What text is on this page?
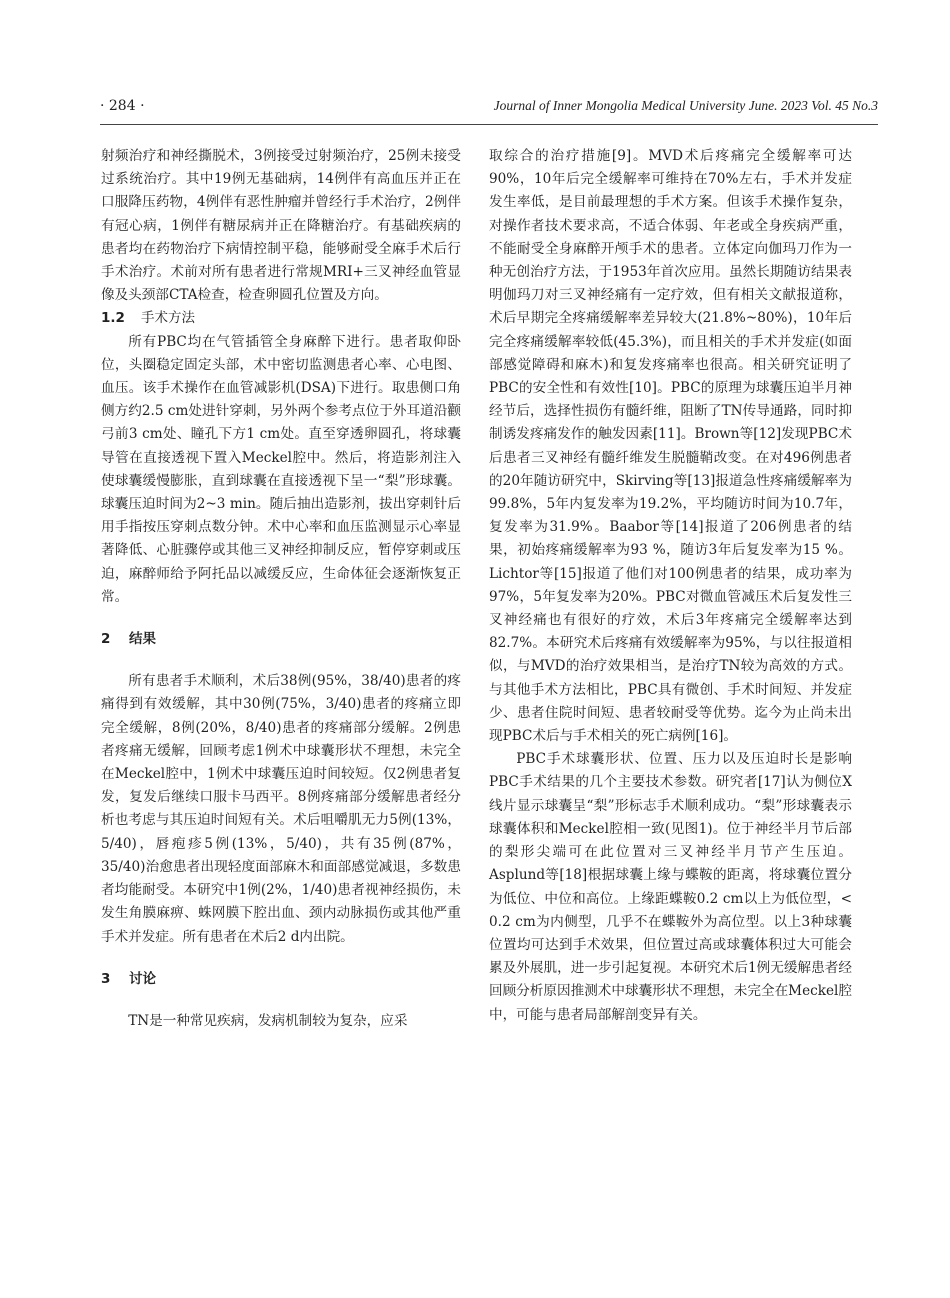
· 284 ·	Journal of Inner Mongolia Medical University June. 2023 Vol. 45 No.3

射频治疗和神经撕脱术，3例接受过射频治疗，25例未接受过系统治疗。其中19例无基础病，14例伴有高血压并正在口服降压药物，4例伴有恶性肿瘤并曾经行手术治疗，2例伴有冠心病，1例伴有糖尿病并正在降糖治疗。有基础疾病的患者均在药物治疗下病情控制平稳，能够耐受全麻手术后行手术治疗。术前对所有患者进行常规MRI+三叉神经血管显像及头颈部CTA检查，检查卵圆孔位置及方向。

1.2 手术方法

所有PBC均在气管插管全身麻醉下进行。患者取仰卧位，头圈稳定固定头部，术中密切监测患者心率、心电图、血压。该手术操作在血管减影机(DSA)下进行。取患侧口角侧方约2.5 cm处进针穿刺，另外两个参考点位于外耳道沿颧弓前3 cm处、瞳孔下方1 cm处。直至穿透卵圆孔，将球囊导管在直接透视下置入Meckel腔中。然后，将造影剂注入使球囊缓慢膨胀，直到球囊在直接透视下呈一“梨”形球囊。球囊压迫时间为2~3 min。随后抽出造影剂，拔出穿刺针后用手指按压穿刺点数分钟。术中心率和血压监测显示心率显著降低、心脏骤停或其他三叉神经抑制反应，暂停穿刺或压迫，麻醉师给予阿托品以减缓反应，生命体征会逐渐恢复正常。

2 结果

所有患者手术顺利，术后38例(95%，38/40)患者的疼痛得到有效缓解，其中30例(75%，3/40)患者的疼痛立即完全缓解，8例(20%，8/40)患者的疼痛部分缓解。2例患者疼痛无缓解，回顾考虑1例术中球囊形状不理想，未完全在Meckel腔中，1例术中球囊压迫时间较短。仅2例患者复发，复发后继续口服卡马西平。8例疼痛部分缓解患者经分析也考虑与其压迫时间短有关。术后咀嚼肌无力5例(13%，5/40)，唇疱疹5例(13%，5/40)，共有35例(87%，35/40)治愈患者出现轻度面部麻木和面部感觉减退，多数患者均能耐受。本研究中1例(2%，1/40)患者视神经损伤，未发生角膜麻痹、蛛网膜下腔出血、颈内动脉损伤或其他严重手术并发症。所有患者在术后2 d内出院。

3 讨论

TN是一种常见疾病，发病机制较为复杂，应采

取综合的治疗措施[9]。MVD术后疼痛完全缓解率可达90%，10年后完全缓解率可维持在70%左右，手术并发症发生率低，是目前最理想的手术方案。但该手术操作复杂，对操作者技术要求高，不适合体弱、年老或全身疾病严重，不能耐受全身麻醉开颅手术的患者。立体定向伽玛刀作为一种无创治疗方法，于1953年首次应用。虽然长期随访结果表明伽玛刀对三叉神经痛有一定疗效，但有相关文献报道称，术后早期完全疼痛缓解率差异较大(21.8%~80%)，10年后完全疼痛缓解率较低(45.3%)，而且相关的手术并发症(如面部感觉障碍和麻木)和复发疼痛率也很高。相关研究证明了PBC的安全性和有效性[10]。PBC的原理为球囊压迫半月神经节后，选择性损伤有髓纤维，阻断了TN传导通路，同时抑制诱发疼痛发作的触发因素[11]。Brown等[12]发现PBC术后患者三叉神经有髓纤维发生脱髓鞘改变。在对496例患者的20年随访研究中，Skirving等[13]报道急性疼痛缓解率为99.8%，5年内复发率为19.2%，平均随访时间为10.7年，复发率为31.9%。Baabor等[14]报道了206例患者的结果，初始疼痛缓解率为93 %，随访3年后复发率为15 %。Lichtor等[15]报道了他们对100例患者的结果，成功率为97%，5年复发率为20%。PBC对微血管减压术后复发性三叉神经痛也有很好的疗效，术后3年疼痛完全缓解率达到82.7%。本研究术后疼痛有效缓解率为95%，与以往报道相似，与MVD的治疗效果相当，是治疗TN较为高效的方式。与其他手术方法相比，PBC具有微创、手术时间短、并发症少、患者住院时间短、患者较耐受等优势。迄今为止尚未出现PBC术后与手术相关的死亡病例[16]。

PBC手术球囊形状、位置、压力以及压迫时长是影响PBC手术结果的几个主要技术参数。研究者[17]认为侧位X线片显示球囊呈“梨”形标志手术顺利成功。“梨”形球囊表示球囊体积和Meckel腔相一致(见图1)。位于神经半月节后部的梨形尖端可在此位置对三叉神经半月节产生压迫。Asplund等[18]根据球囊上缘与蝶鞍的距离，将球囊位置分为低位、中位和高位。上缘距蝶鞍0.2 cm以上为低位型，< 0.2 cm为内侧型，几乎不在蝶鞍外为高位型。以上3种球囊位置均可达到手术效果，但位置过高或球囊体积过大可能会累及外展肌，进一步引起复视。本研究术后1例无缓解患者经回顾分析原因推测术中球囊形状不理想，未完全在Meckel腔中，可能与患者局部解剖变异有关。
